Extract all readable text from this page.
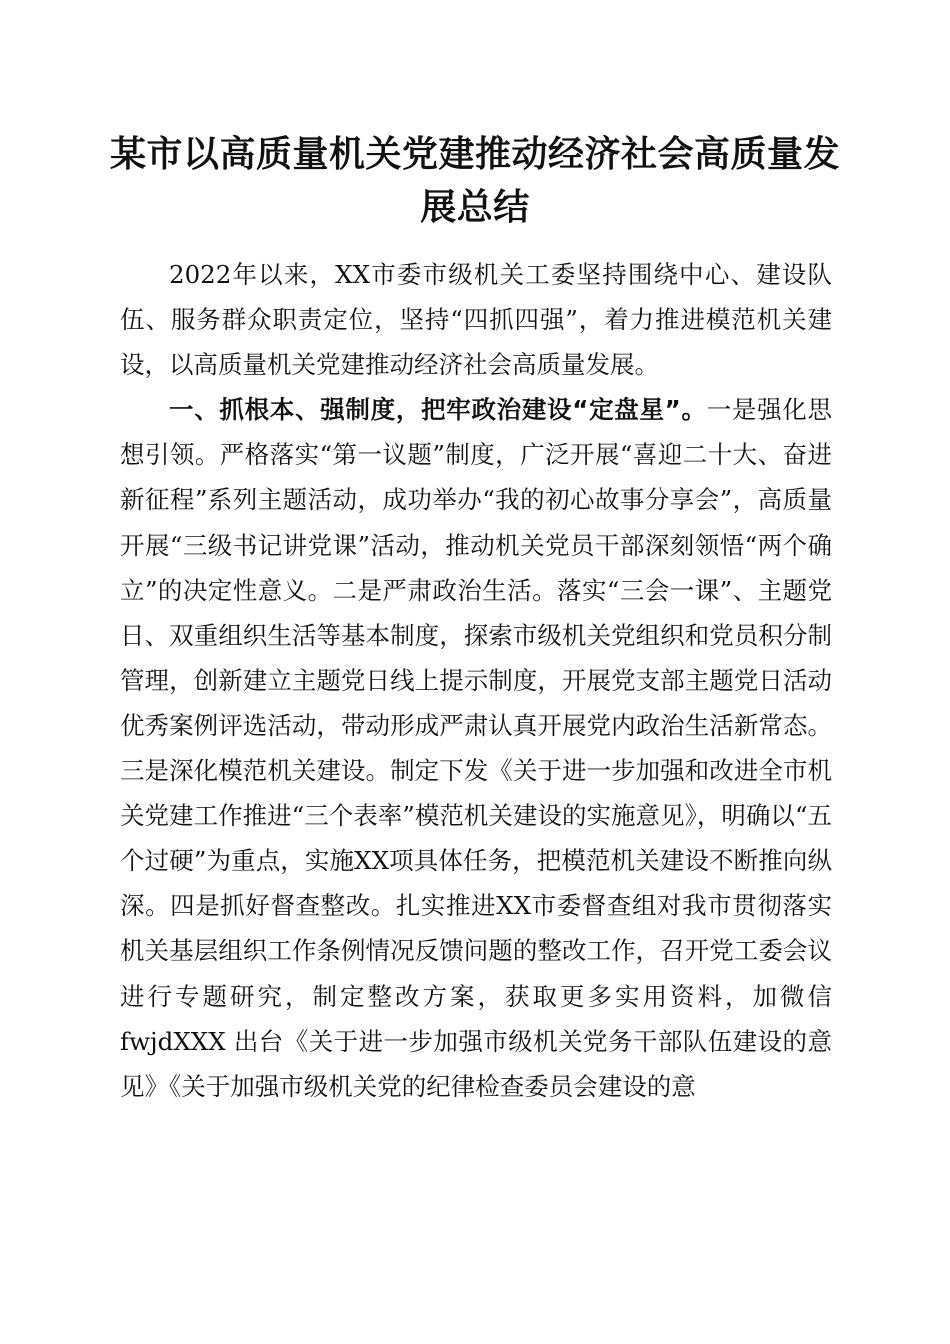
某市以高质量机关党建推动经济社会高质量发展总结

2022年以来，XX市委市级机关工委坚持围绕中心、建设队伍、服务群众职责定位，坚持“四抓四强”，着力推进模范机关建设，以高质量机关党建推动经济社会高质量发展。

一、抓根本、强制度，把牢政治建设“定盘星”。一是强化思想引领。严格落实“第一议题”制度，广泛开展“喜迎二十大、奋进新征程”系列主题活动，成功举办“我的初心故事分享会”，高质量开展“三级书记讲党课”活动，推动机关党员干部深刻领悟“两个确立”的决定性意义。二是严肃政治生活。落实“三会一课”、主题党日、双重组织生活等基本制度，探索市级机关党组织和党员积分制管理，创新建立主题党日线上提示制度，开展党支部主题党日活动优秀案例评选活动，带动形成严肃认真开展党内政治生活新常态。三是深化模范机关建设。制定下发《关于进一步加强和改进全市机关党建工作推进“三个表率”模范机关建设的实施意见》，明确以“五个过硬”为重点，实施XX项具体任务，把模范机关建设不断推向纵深。四是抓好督查整改。扎实推进XX市委督查组对我市贯彻落实机关基层组织工作条例情况反馈问题的整改工作，召开党工委会议进行专题研究，制定整改方案，获取更多实用资料，加微信 fwjdXXX 出台《关于进一步加强市级机关党务干部队伍建设的意见》《关于加强市级机关党的纪律检查委员会建设的意
